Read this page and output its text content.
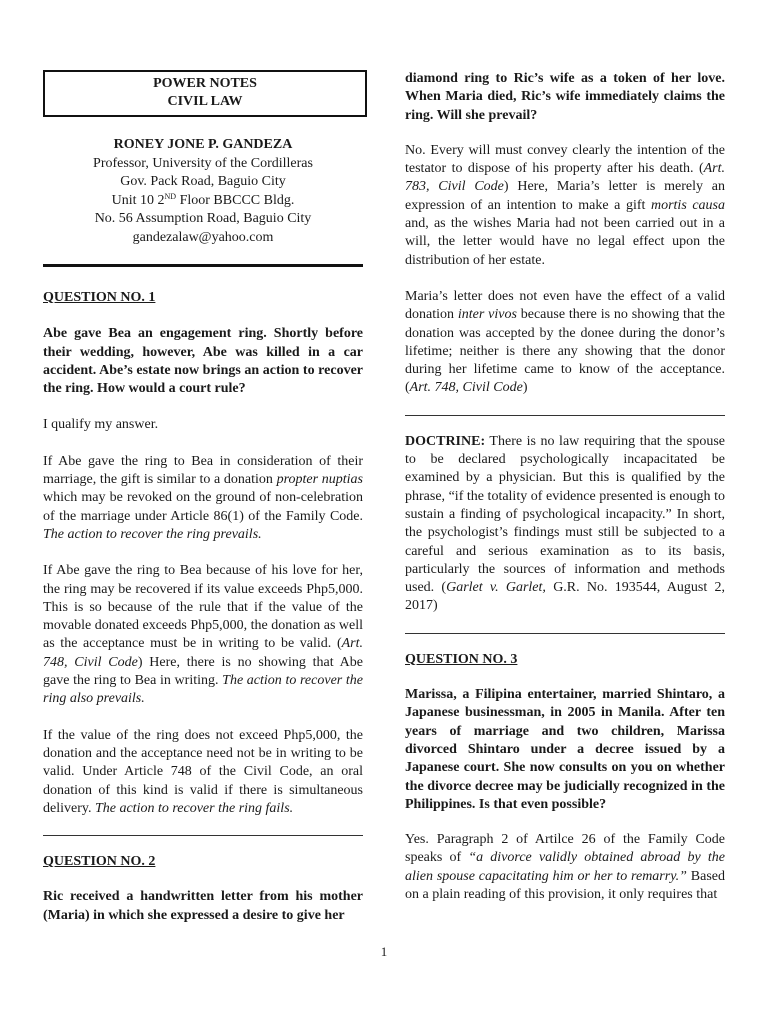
POWER NOTES
CIVIL LAW
RONEY JONE P. GANDEZA
Professor, University of the Cordilleras
Gov. Pack Road, Baguio City
Unit 10 2ND Floor BBCCC Bldg.
No. 56 Assumption Road, Baguio City
gandezalaw@yahoo.com

QUESTION NO. 1

Abe gave Bea an engagement ring. Shortly before their wedding, however, Abe was killed in a car accident. Abe’s estate now brings an action to recover the ring. How would a court rule?

I qualify my answer.

If Abe gave the ring to Bea in consideration of their marriage, the gift is similar to a donation propter nuptias which may be revoked on the ground of non-celebration of the marriage under Article 86(1) of the Family Code. The action to recover the ring prevails.

If Abe gave the ring to Bea because of his love for her, the ring may be recovered if its value exceeds Php5,000. This is so because of the rule that if the value of the movable donated exceeds Php5,000, the donation as well as the acceptance must be in writing to be valid. (Art. 748, Civil Code) Here, there is no showing that Abe gave the ring to Bea in writing. The action to recover the ring also prevails.

If the value of the ring does not exceed Php5,000, the donation and the acceptance need not be in writing to be valid. Under Article 748 of the Civil Code, an oral donation of this kind is valid if there is simultaneous delivery. The action to recover the ring fails.

QUESTION NO. 2

Ric received a handwritten letter from his mother (Maria) in which she expressed a desire to give her

diamond ring to Ric’s wife as a token of her love. When Maria died, Ric’s wife immediately claims the ring. Will she prevail?

No. Every will must convey clearly the intention of the testator to dispose of his property after his death. (Art. 783, Civil Code) Here, Maria’s letter is merely an expression of an intention to make a gift mortis causa and, as the wishes Maria had not been carried out in a will, the letter would have no legal effect upon the distribution of her estate.

Maria’s letter does not even have the effect of a valid donation inter vivos because there is no showing that the donation was accepted by the donee during the donor’s lifetime; neither is there any showing that the donor during her lifetime came to know of the acceptance. (Art. 748, Civil Code)

DOCTRINE: There is no law requiring that the spouse to be declared psychologically incapacitated be examined by a physician. But this is qualified by the phrase, “if the totality of evidence presented is enough to sustain a finding of psychological incapacity.” In short, the psychologist’s findings must still be subjected to a careful and serious examination as to its basis, particularly the sources of information and methods used. (Garlet v. Garlet, G.R. No. 193544, August 2, 2017)

QUESTION NO. 3

Marissa, a Filipina entertainer, married Shintaro, a Japanese businessman, in 2005 in Manila. After ten years of marriage and two children, Marissa divorced Shintaro under a decree issued by a Japanese court. She now consults on you on whether the divorce decree may be judicially recognized in the Philippines. Is that even possible?

Yes. Paragraph 2 of Artilce 26 of the Family Code speaks of “a divorce validly obtained abroad by the alien spouse capacitating him or her to remarry.” Based on a plain reading of this provision, it only requires that

1
